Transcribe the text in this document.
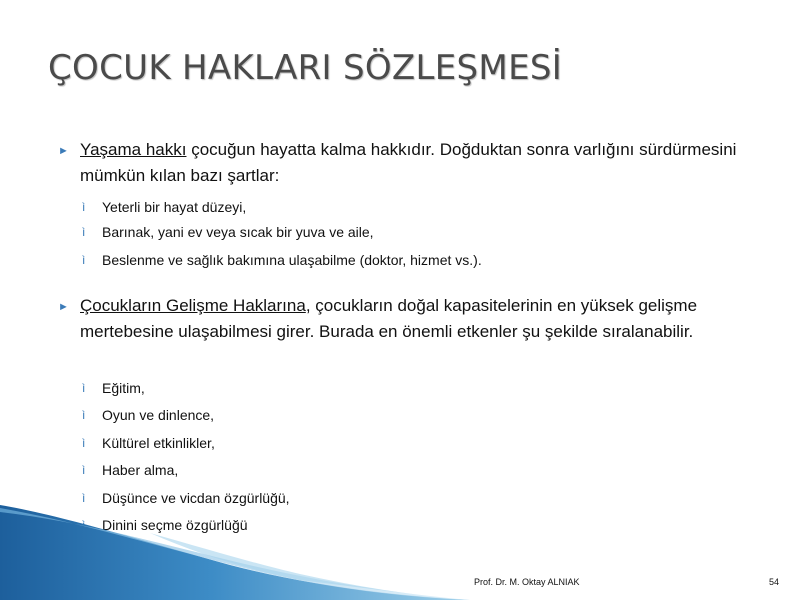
ÇOCUK HAKLARI SÖZLEŞMESİ
► Yaşama hakkı çocuğun hayatta kalma hakkıdır. Doğduktan sonra varlığını sürdürmesini mümkün kılan bazı şartlar:
ì Yeterli bir hayat düzeyi,
ì Barınak, yani ev veya sıcak bir yuva ve aile,
ì Beslenme ve sağlık bakımına ulaşabilme (doktor, hizmet vs.).
► Çocukların Gelişme Haklarına, çocukların doğal kapasitelerinin en yüksek gelişme mertebesine ulaşabilmesi girer. Burada en önemli etkenler şu şekilde sıralanabilir.
ì Eğitim,
ì Oyun ve dinlence,
ì Kültürel etkinlikler,
ì Haber alma,
ì Düşünce ve vicdan özgürlüğü,
Dinini seçme özgürlüğü
Prof. Dr. M. Oktay ALNIAK	54
